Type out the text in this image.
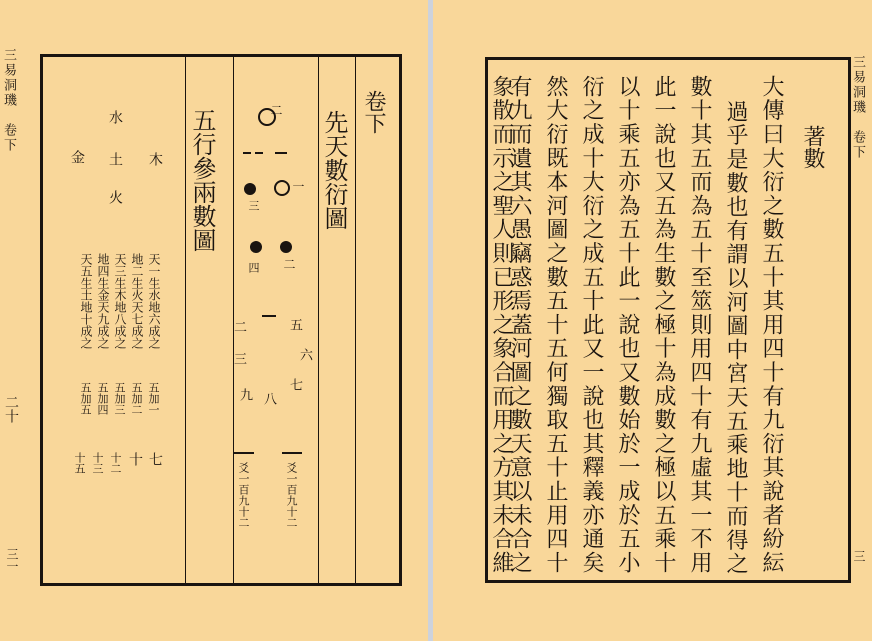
三易洞璣　卷下
二十
三一
卷下
先天數衍圖
五行參兩數圖
木
水
土
火
金
天一生水地六成之
地二生火天七成之
天三生木地八成之
地四生金天九成之
天五生土地十成之
五加一
五加二
五加三
五加四
五加五
七
十
十二
十三
十五
二
一
三
二
四
五
六
七
八
九
二
三
爻一百九十二
爻一百九十二
三易洞璣　卷下
三
著數
大傳曰大衍之數五十其用四十有九衍其說者紛紜
過乎是數也有謂以河圖中宮天五乘地十而得之
數十其五而為五十至筮則用四十有九虛其一不用
此一說也又五為生數之極十為成數之極以五乘十
以十乘五亦為五十此一說也又數始於一成於五小
衍之成十大衍之成五十此又一說也其釋義亦通矣
然大衍既本河圖之數五十五何獨取五十止用四十
有九而遺其六愚竊惑焉蓋河圖之數天意以未合之
象散而示之聖人則已形之象合而用之方其未合維
